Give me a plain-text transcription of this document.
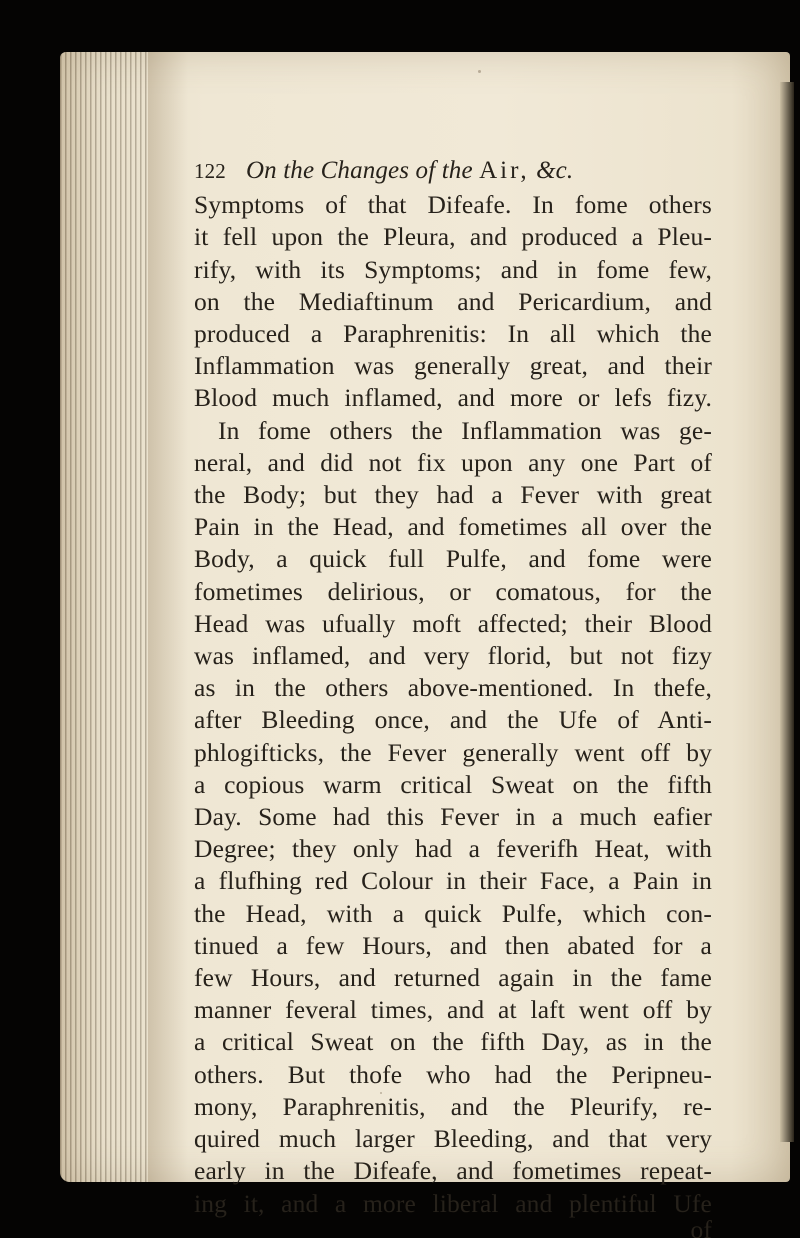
122 On the Changes of the Air, &c.
Symptoms of that Difeafe. In fome others
it fell upon the Pleura, and produced a Pleu-
rify, with its Symptoms; and in fome few,
on the Mediaftinum and Pericardium, and
produced a Paraphrenitis: In all which the
Inflammation was generally great, and their
Blood much inflamed, and more or lefs fizy.
In fome others the Inflammation was ge-
neral, and did not fix upon any one Part of
the Body; but they had a Fever with great
Pain in the Head, and fometimes all over the
Body, a quick full Pulfe, and fome were
fometimes delirious, or comatous, for the
Head was ufually moft affected; their Blood
was inflamed, and very florid, but not fizy
as in the others above-mentioned. In thefe,
after Bleeding once, and the Ufe of Anti-
phlogifticks, the Fever generally went off by
a copious warm critical Sweat on the fifth
Day. Some had this Fever in a much eafier
Degree; they only had a feverifh Heat, with
a flufhing red Colour in their Face, a Pain in
the Head, with a quick Pulfe, which con-
tinued a few Hours, and then abated for a
few Hours, and returned again in the fame
manner feveral times, and at laft went off by
a critical Sweat on the fifth Day, as in the
others. But thofe who had the Peripneu-
mony, Paraphrenitis, and the Pleurify, re-
quired much larger Bleeding, and that very
early in the Difeafe, and fometimes repeat-
ing it, and a more liberal and plentiful Ufe
of
